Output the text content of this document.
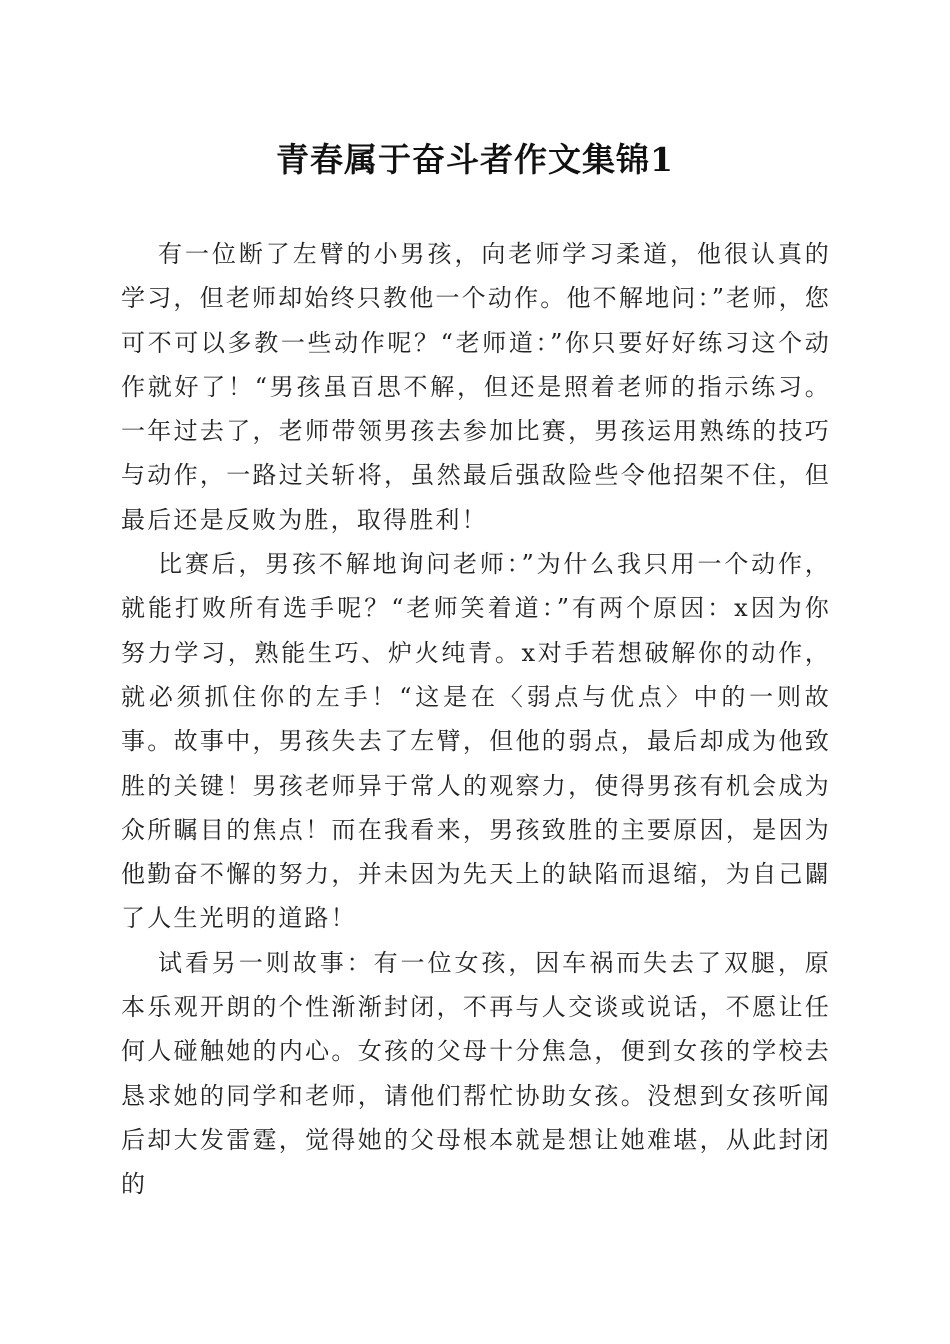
青春属于奋斗者作文集锦1

有一位断了左臂的小男孩，向老师学习柔道，他很认真的学习，但老师却始终只教他一个动作。他不解地问：”老师，您可不可以多教一些动作呢？“老师道：”你只要好好练习这个动作就好了！“男孩虽百思不解，但还是照着老师的指示练习。一年过去了，老师带领男孩去参加比赛，男孩运用熟练的技巧与动作，一路过关斩将，虽然最后强敌险些令他招架不住，但最后还是反败为胜，取得胜利！

比赛后，男孩不解地询问老师：”为什么我只用一个动作，就能打败所有选手呢？“老师笑着道：”有两个原因：x因为你努力学习，熟能生巧、炉火纯青。x对手若想破解你的动作，就必须抓住你的左手！“这是在〈弱点与优点〉中的一则故事。故事中，男孩失去了左臂，但他的弱点，最后却成为他致胜的关键！男孩老师异于常人的观察力，使得男孩有机会成为众所瞩目的焦点！而在我看来，男孩致胜的主要原因，是因为他勤奋不懈的努力，并未因为先天上的缺陷而退缩，为自己闢了人生光明的道路！

试看另一则故事：有一位女孩，因车祸而失去了双腿，原本乐观开朗的个性渐渐封闭，不再与人交谈或说话，不愿让任何人碰触她的内心。女孩的父母十分焦急，便到女孩的学校去恳求她的同学和老师，请他们帮忙协助女孩。没想到女孩听闻后却大发雷霆，觉得她的父母根本就是想让她难堪，从此封闭的
